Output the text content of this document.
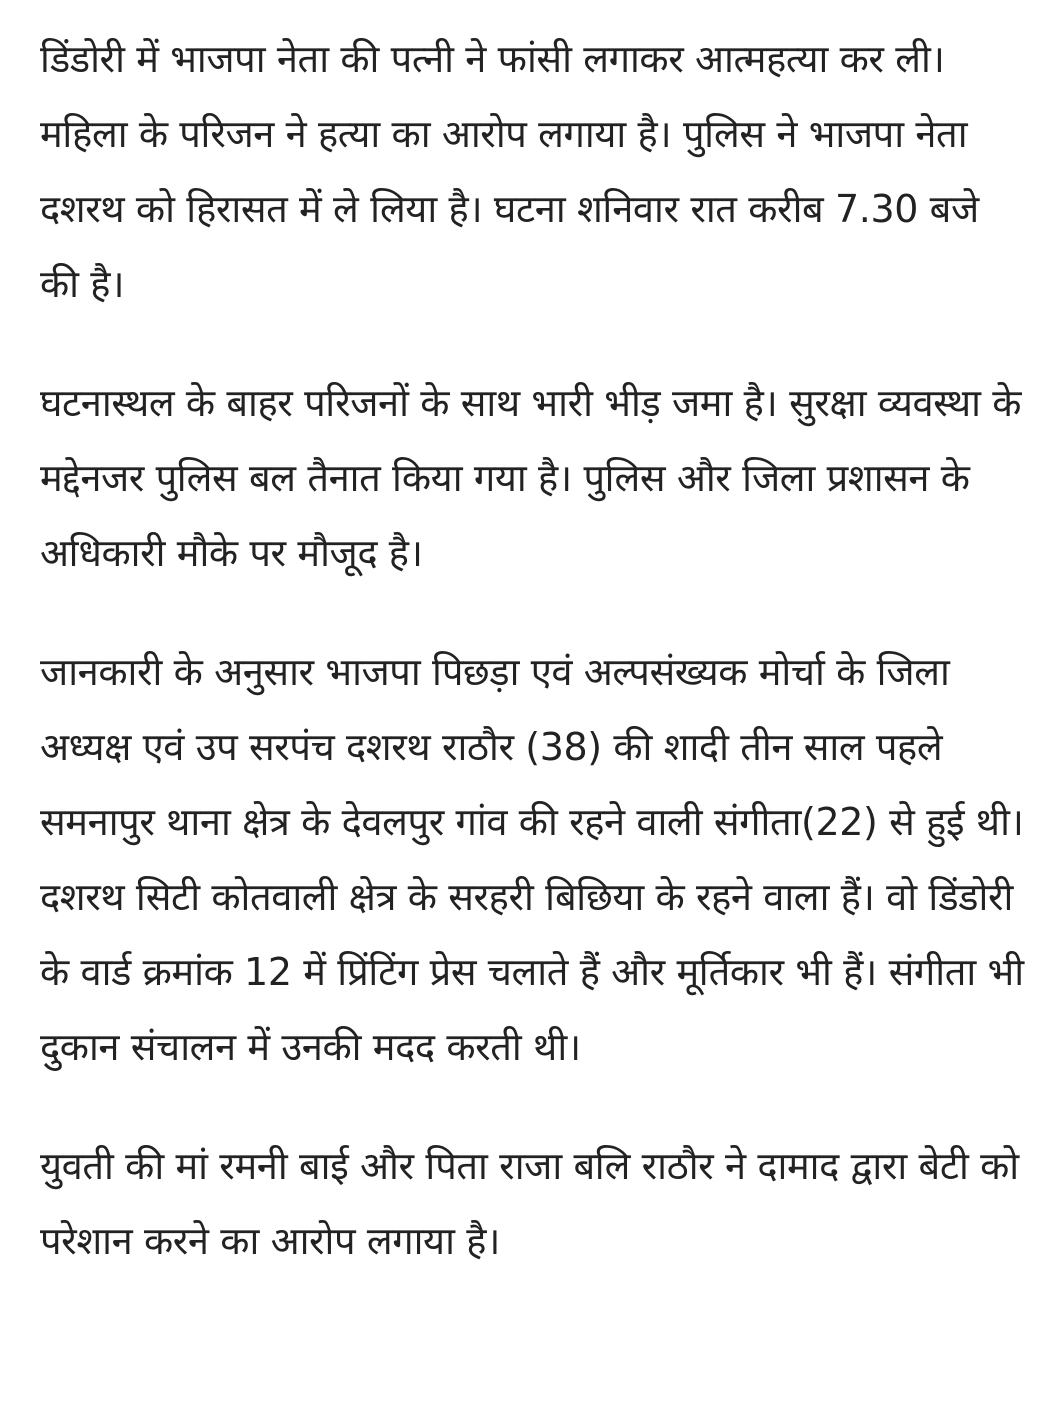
डिंडोरी में भाजपा नेता की पत्नी ने फांसी लगाकर आत्महत्या कर ली। महिला के परिजन ने हत्या का आरोप लगाया है। पुलिस ने भाजपा नेता दशरथ को हिरासत में ले लिया है। घटना शनिवार रात करीब 7.30 बजे की है।

घटनास्थल के बाहर परिजनों के साथ भारी भीड़ जमा है। सुरक्षा व्यवस्था के मद्देनजर पुलिस बल तैनात किया गया है। पुलिस और जिला प्रशासन के अधिकारी मौके पर मौजूद है।

जानकारी के अनुसार भाजपा पिछड़ा एवं अल्पसंख्यक मोर्चा के जिला अध्यक्ष एवं उप सरपंच दशरथ राठौर (38) की शादी तीन साल पहले समनापुर थाना क्षेत्र के देवलपुर गांव की रहने वाली संगीता(22) से हुई थी।

दशरथ सिटी कोतवाली क्षेत्र के सरहरी बिछिया के रहने वाला हैं। वो डिंडोरी के वार्ड क्रमांक 12 में प्रिंटिंग प्रेस चलाते हैं और मूर्तिकार भी हैं। संगीता भी दुकान संचालन में उनकी मदद करती थी।

युवती की मां रमनी बाई और पिता राजा बलि राठौर ने दामाद द्वारा बेटी को परेशान करने का आरोप लगाया है।
